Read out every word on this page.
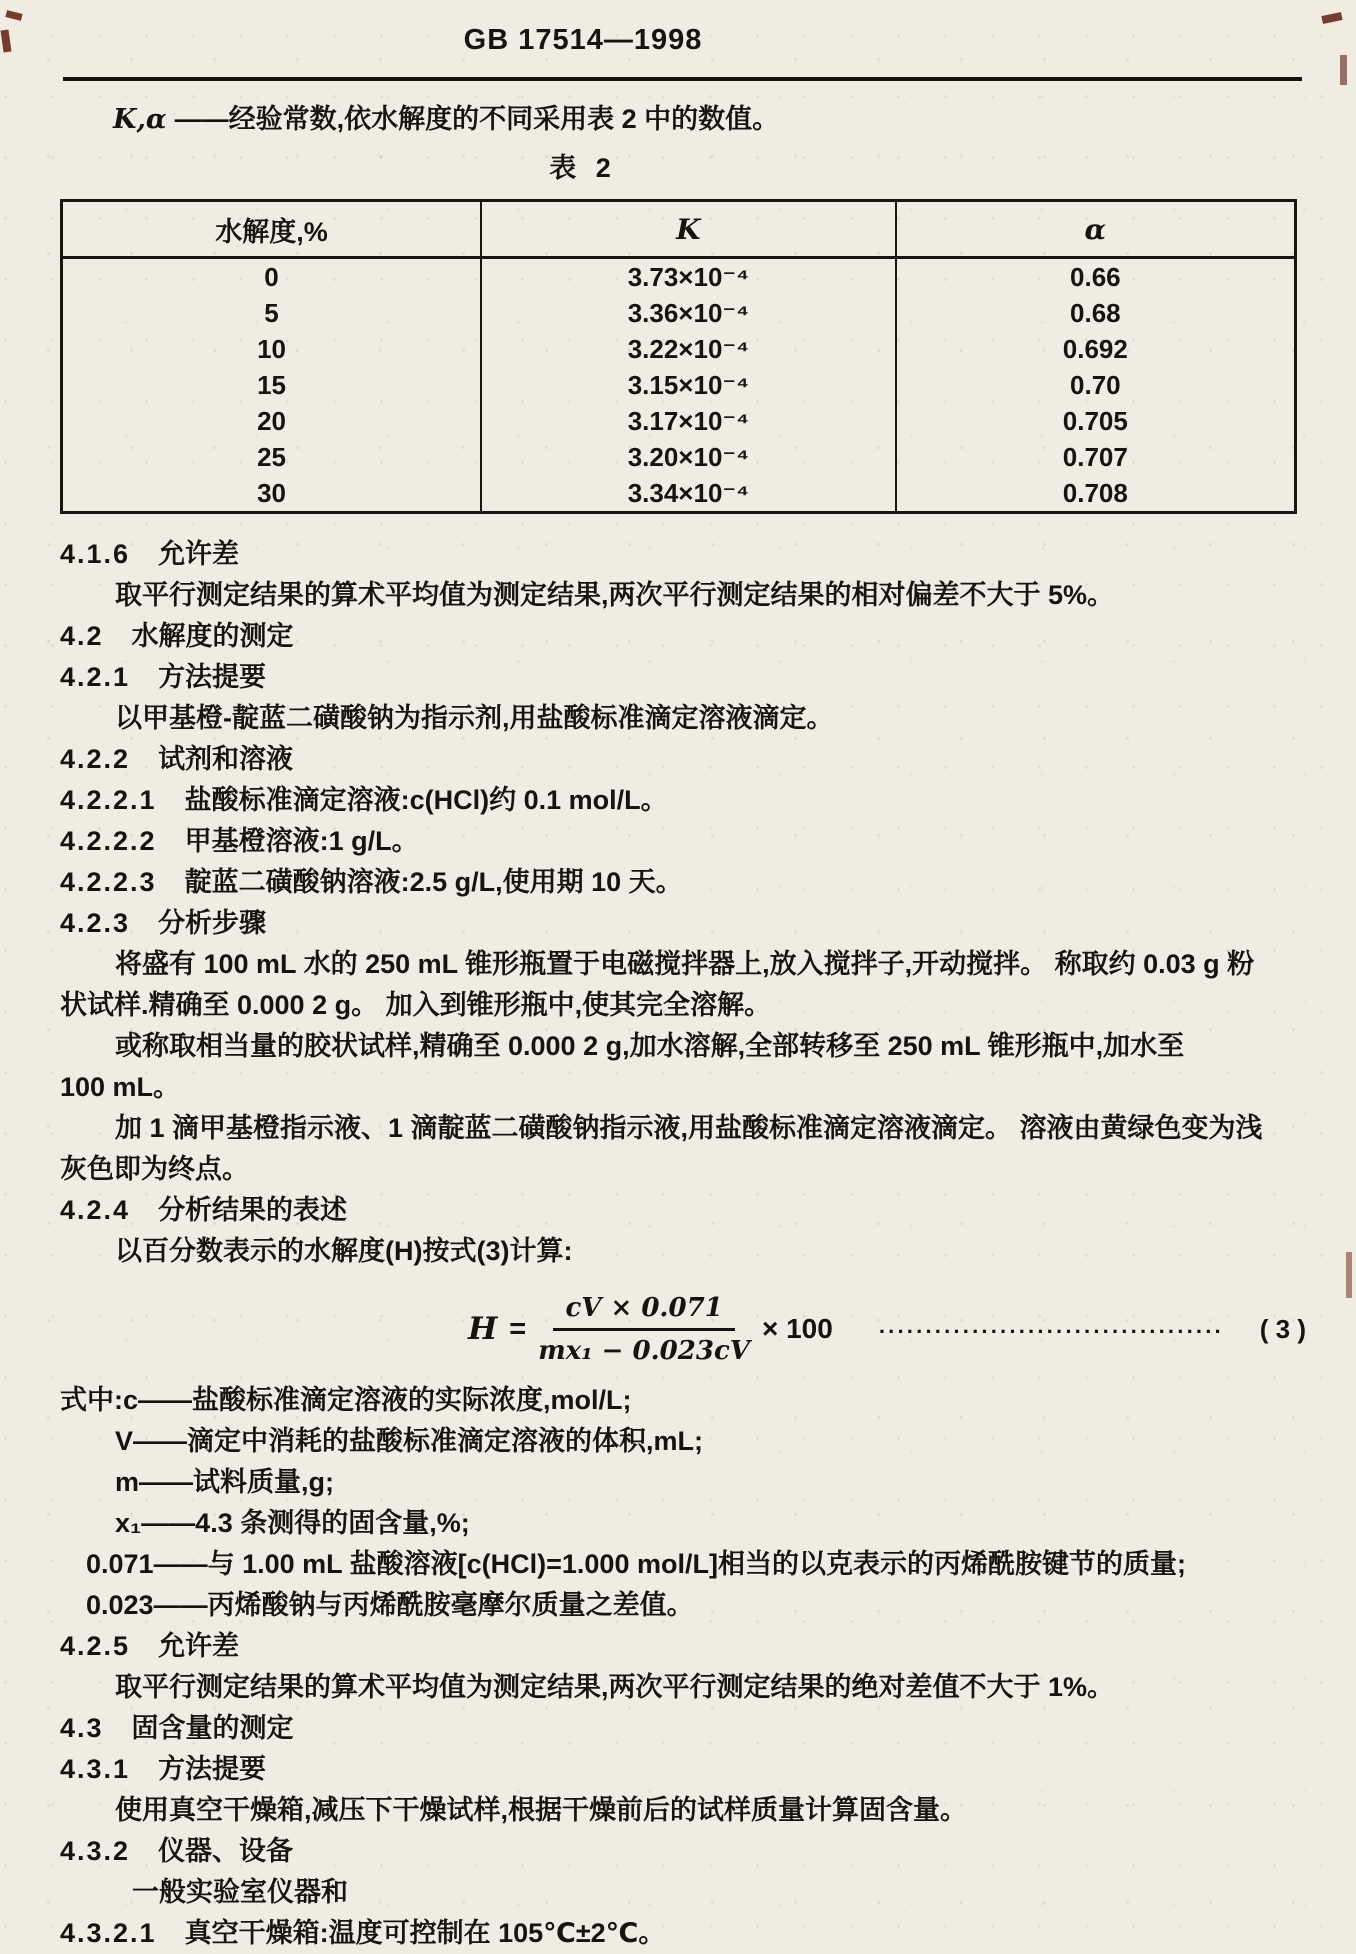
GB 17514—1998

K,α ——经验常数,依水解度的不同采用表 2 中的数值。

表 2
水解度,%	K	α
0	3.73×10⁻⁴	0.66
5	3.36×10⁻⁴	0.68
10	3.22×10⁻⁴	0.692
15	3.15×10⁻⁴	0.70
20	3.17×10⁻⁴	0.705
25	3.20×10⁻⁴	0.707
30	3.34×10⁻⁴	0.708
4.1.6 允许差
取平行测定结果的算术平均值为测定结果,两次平行测定结果的相对偏差不大于 5%。
4.2 水解度的测定
4.2.1 方法提要
以甲基橙-靛蓝二磺酸钠为指示剂,用盐酸标准滴定溶液滴定。
4.2.2 试剂和溶液
4.2.2.1 盐酸标准滴定溶液:c(HCl)约 0.1 mol/L。
4.2.2.2 甲基橙溶液:1 g/L。
4.2.2.3 靛蓝二磺酸钠溶液:2.5 g/L,使用期 10 天。
4.2.3 分析步骤
将盛有 100 mL 水的 250 mL 锥形瓶置于电磁搅拌器上,放入搅拌子,开动搅拌。 称取约 0.03 g 粉
状试样.精确至 0.000 2 g。 加入到锥形瓶中,使其完全溶解。
或称取相当量的胶状试样,精确至 0.000 2 g,加水溶解,全部转移至 250 mL 锥形瓶中,加水至
100 mL。
加 1 滴甲基橙指示液、1 滴靛蓝二磺酸钠指示液,用盐酸标准滴定溶液滴定。 溶液由黄绿色变为浅
灰色即为终点。
4.2.4 分析结果的表述
以百分数表示的水解度(H)按式(3)计算:
$H = \frac{cV \times 0.071}{\text{mx₁ − 0.023cV}} \times 100$ ·····································	( 3 )
式中:c——盐酸标准滴定溶液的实际浓度,mol/L;
V——滴定中消耗的盐酸标准滴定溶液的体积,mL;
m——试料质量,g;
x₁——4.3 条测得的固含量,%;
0.071——与 1.00 mL 盐酸溶液[c(HCl)=1.000 mol/L]相当的以克表示的丙烯酰胺键节的质量;
0.023——丙烯酸钠与丙烯酰胺毫摩尔质量之差值。
4.2.5 允许差
取平行测定结果的算术平均值为测定结果,两次平行测定结果的绝对差值不大于 1%。
4.3 固含量的测定
4.3.1 方法提要
使用真空干燥箱,减压下干燥试样,根据干燥前后的试样质量计算固含量。
4.3.2 仪器、设备
一般实验室仪器和
4.3.2.1 真空干燥箱:温度可控制在 105℃±2℃。
